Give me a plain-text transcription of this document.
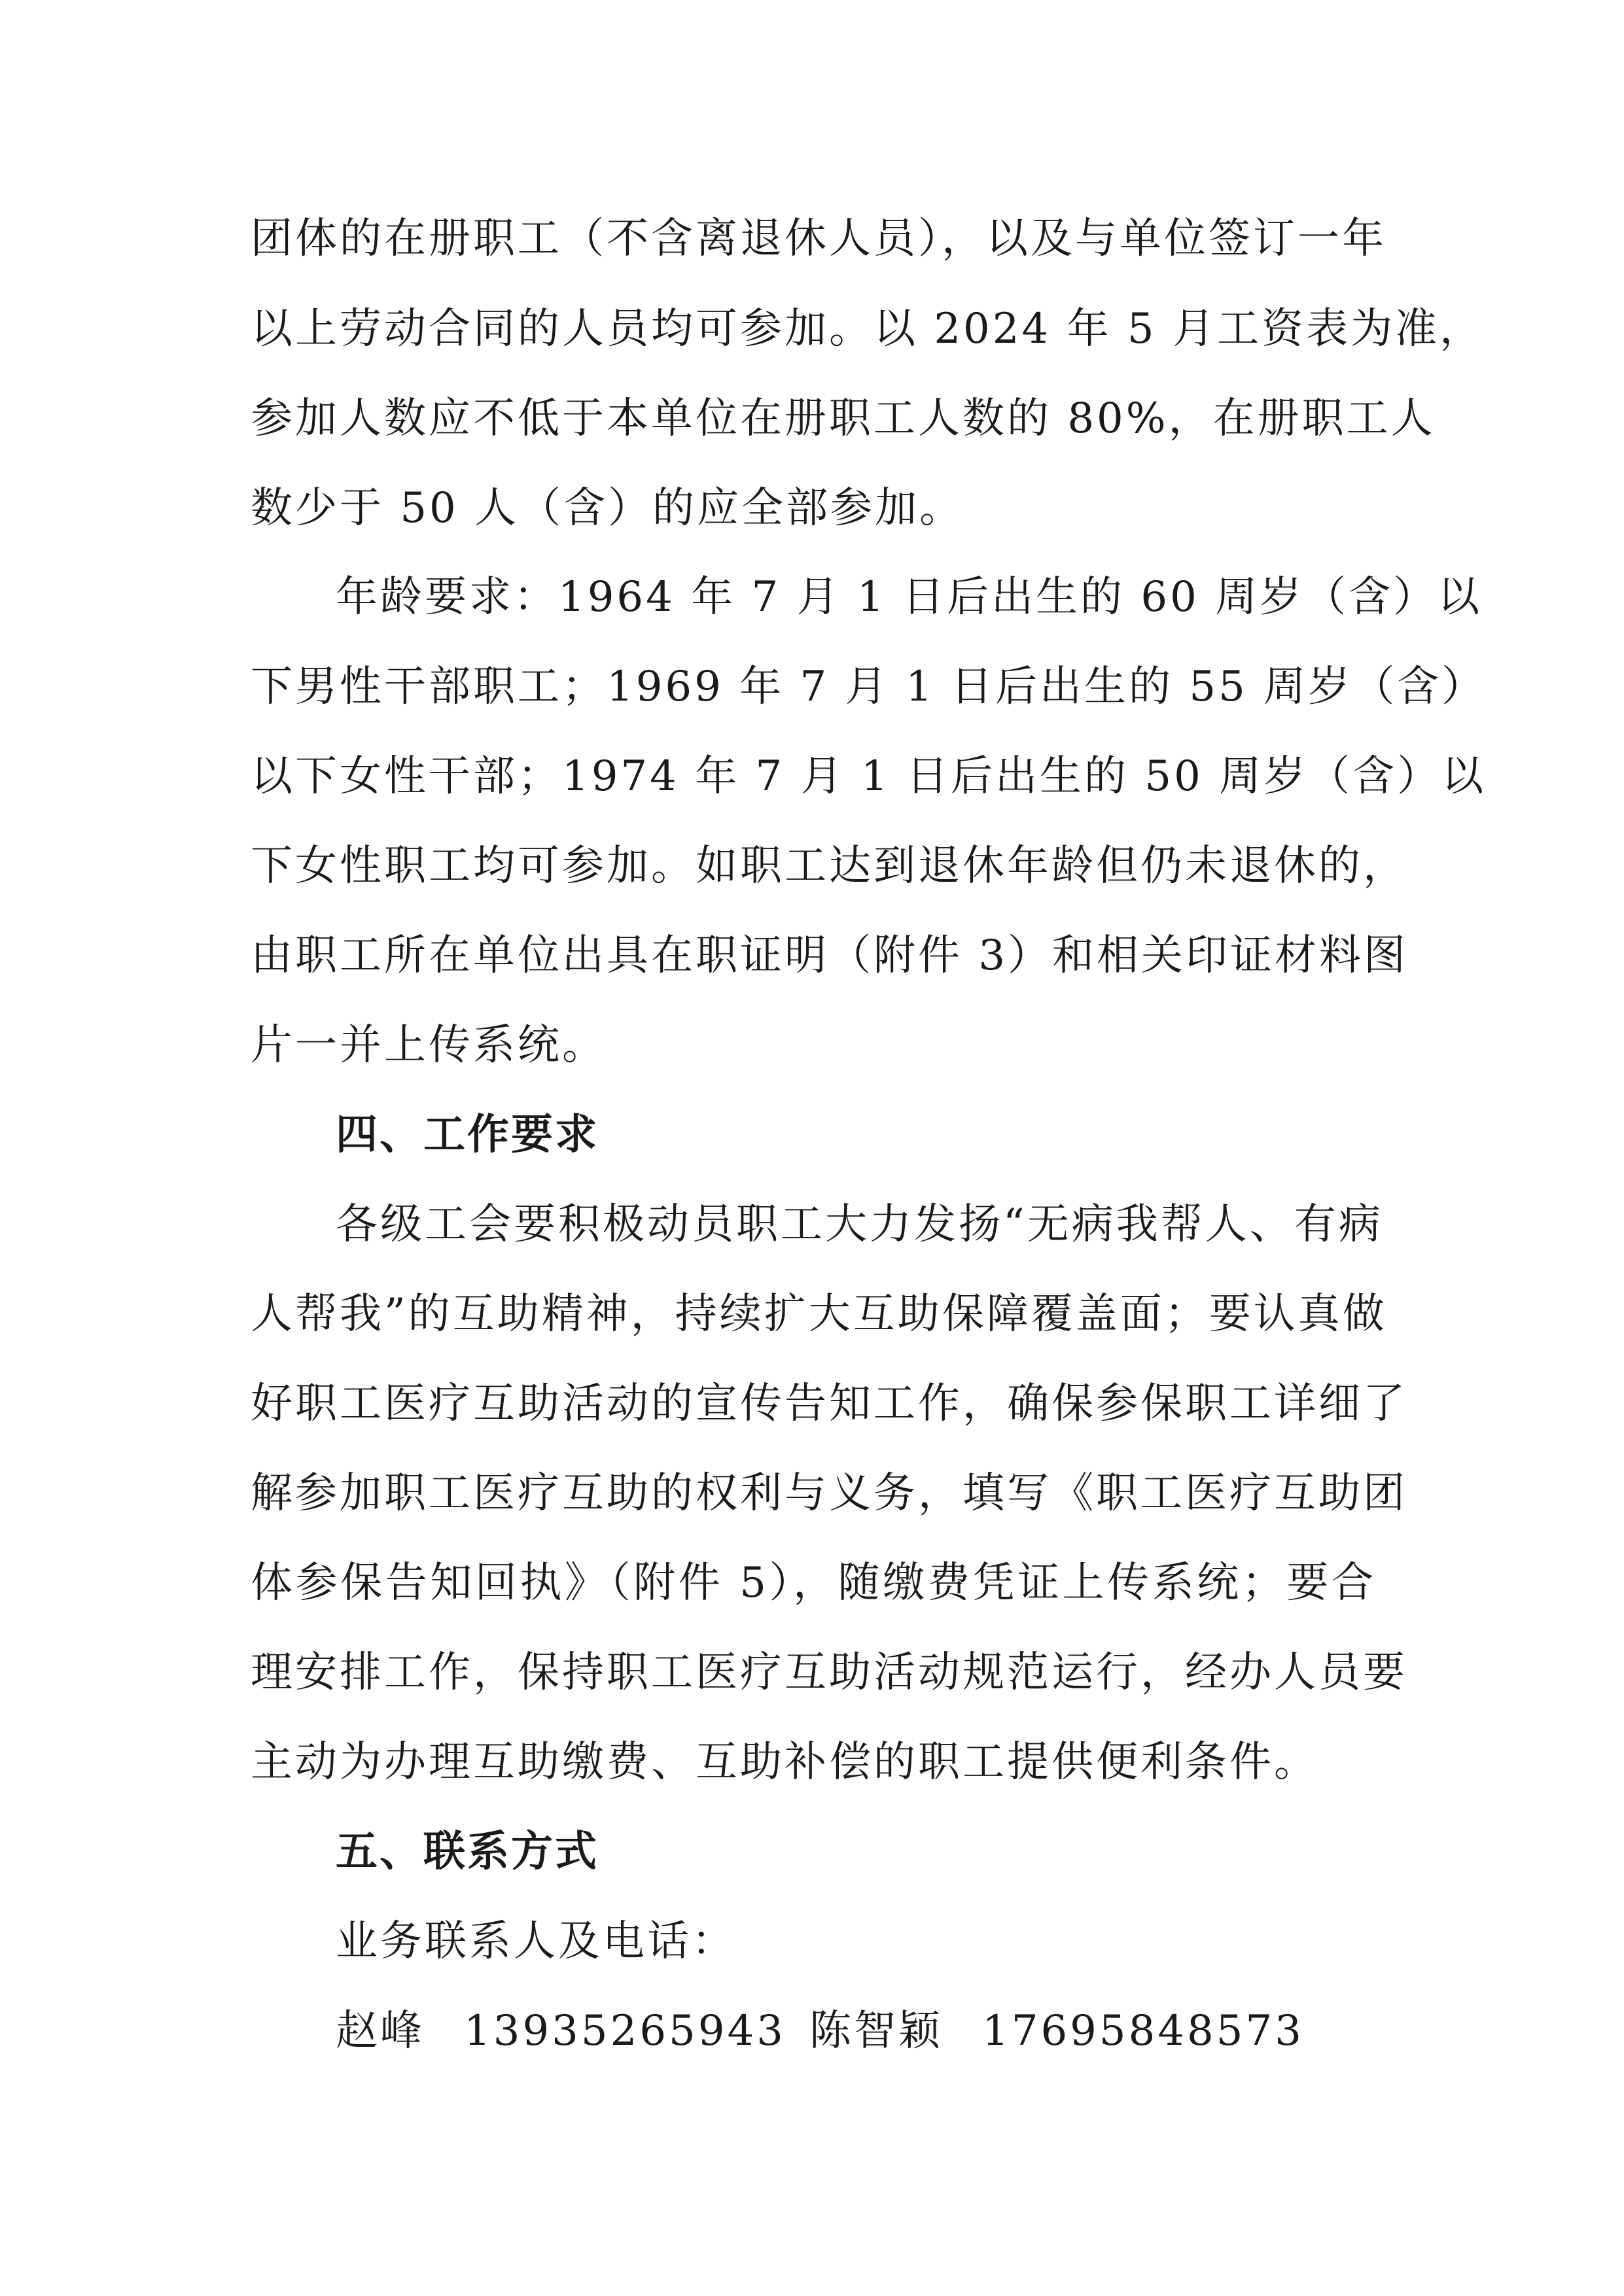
团体的在册职工（不含离退休人员），以及与单位签订一年
以上劳动合同的人员均可参加。以 2024 年 5 月工资表为准，
参加人数应不低于本单位在册职工人数的 80%，在册职工人
数少于 50 人（含）的应全部参加。
年龄要求：1964 年 7 月 1 日后出生的 60 周岁（含）以
下男性干部职工；1969 年 7 月 1 日后出生的 55 周岁（含）
以下女性干部；1974 年 7 月 1 日后出生的 50 周岁（含）以
下女性职工均可参加。如职工达到退休年龄但仍未退休的，
由职工所在单位出具在职证明（附件 3）和相关印证材料图
片一并上传系统。
四、工作要求
各级工会要积极动员职工大力发扬“无病我帮人、有病
人帮我”的互助精神，持续扩大互助保障覆盖面；要认真做
好职工医疗互助活动的宣传告知工作，确保参保职工详细了
解参加职工医疗互助的权利与义务，填写《职工医疗互助团
体参保告知回执》（附件 5），随缴费凭证上传系统；要合
理安排工作，保持职工医疗互助活动规范运行，经办人员要
主动为办理互助缴费、互助补偿的职工提供便利条件。
五、联系方式
业务联系人及电话：
赵峰 13935265943 陈智颖 17695848573
